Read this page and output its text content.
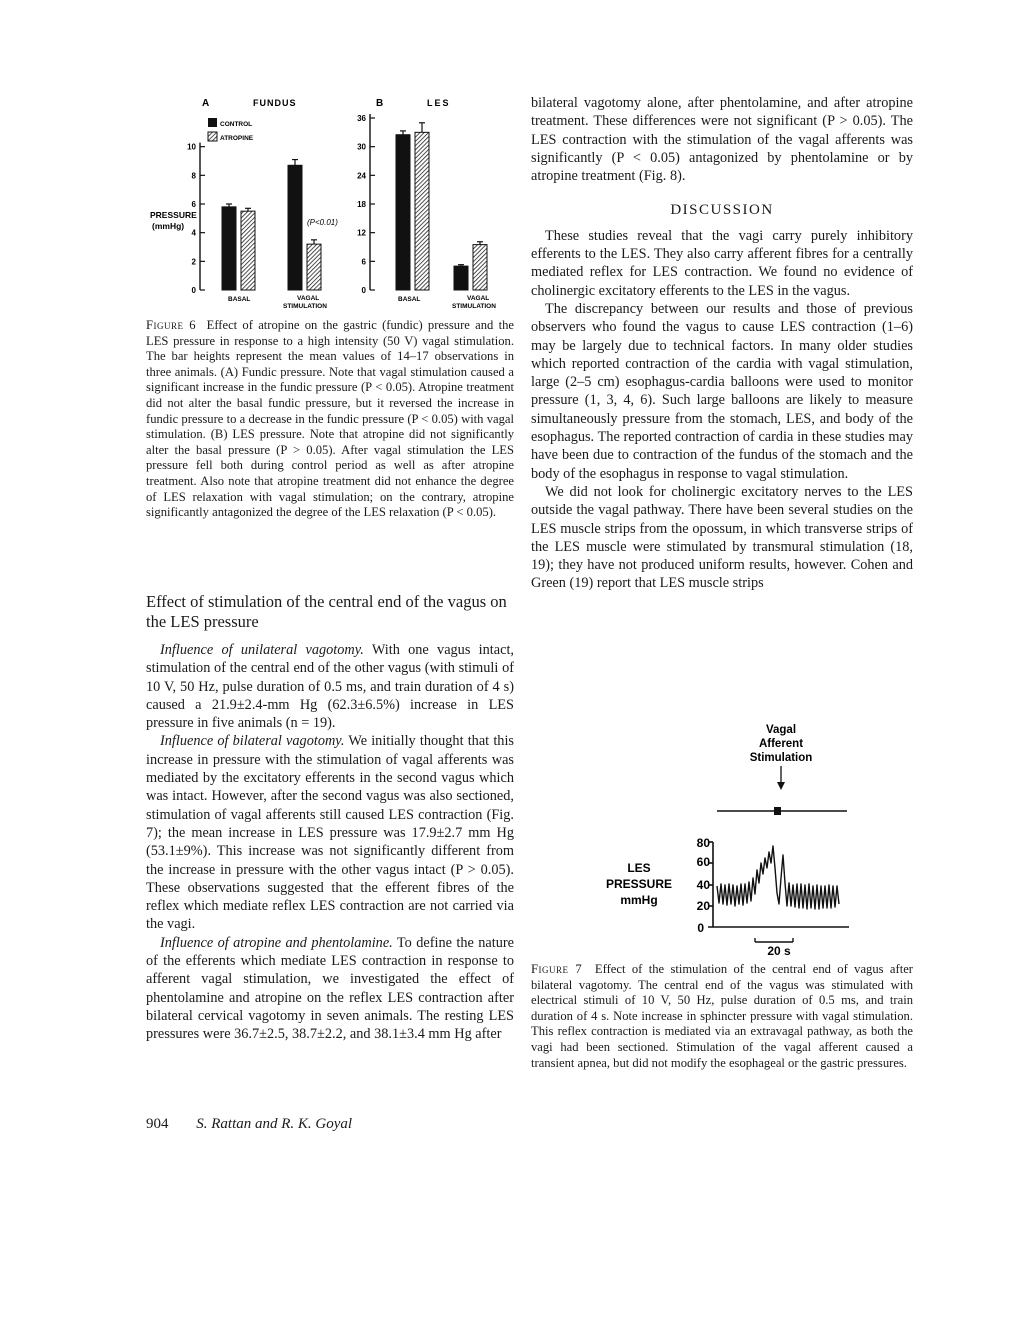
A	FUNDUS	B	LES
CONTROL
ATROPINE
PRESSURE
(mmHg)	(P<0.01)
BASAL	VAGAL
STIMULATION
BASAL	VAGAL
STIMULATION
0
2
4
6
8
10
0
6
12
18
24
30
36
Figure 6 Effect of atropine on the gastric (fundic) pressure and the LES pressure in response to a high intensity (50 V) vagal stimulation. The bar heights represent the mean values of 14–17 observations in three animals. (A) Fundic pressure. Note that vagal stimulation caused a significant increase in the fundic pressure (P < 0.05). Atropine treatment did not alter the basal fundic pressure, but it reversed the increase in fundic pressure to a decrease in the fundic pressure (P < 0.05) with vagal stimulation. (B) LES pressure. Note that atropine did not significantly alter the basal pressure (P > 0.05). After vagal stimulation the LES pressure fell both during control period as well as after atropine treatment. Also note that atropine treatment did not enhance the degree of LES relaxation with vagal stimulation; on the contrary, atropine significantly antagonized the degree of the LES relaxation (P < 0.05).
Effect of stimulation of the central end of the vagus on the LES pressure

Influence of unilateral vagotomy. With one vagus intact, stimulation of the central end of the other vagus (with stimuli of 10 V, 50 Hz, pulse duration of 0.5 ms, and train duration of 4 s) caused a 21.9±2.4-mm Hg (62.3±6.5%) increase in LES pressure in five animals (n = 19).

Influence of bilateral vagotomy. We initially thought that this increase in pressure with the stimulation of vagal afferents was mediated by the excitatory efferents in the second vagus which was intact. However, after the second vagus was also sectioned, stimulation of vagal afferents still caused LES contraction (Fig. 7); the mean increase in LES pressure was 17.9±2.7 mm Hg (53.1±9%). This increase was not significantly different from the increase in pressure with the other vagus intact (P > 0.05). These observations suggested that the efferent fibres of the reflex which mediate reflex LES contraction are not carried via the vagi.

Influence of atropine and phentolamine. To define the nature of the efferents which mediate LES contraction in response to afferent vagal stimulation, we investigated the effect of phentolamine and atropine on the reflex LES contraction after bilateral cervical vagotomy in seven animals. The resting LES pressures were 36.7±2.5, 38.7±2.2, and 38.1±3.4 mm Hg after

bilateral vagotomy alone, after phentolamine, and after atropine treatment. These differences were not significant (P > 0.05). The LES contraction with the stimulation of the vagal afferents was significantly (P < 0.05) antagonized by phentolamine or by atropine treatment (Fig. 8).

DISCUSSION

These studies reveal that the vagi carry purely inhibitory efferents to the LES. They also carry afferent fibres for a centrally mediated reflex for LES contraction. We found no evidence of cholinergic excitatory efferents to the LES in the vagus.

The discrepancy between our results and those of previous observers who found the vagus to cause LES contraction (1–6) may be largely due to technical factors. In many older studies which reported contraction of the cardia with vagal stimulation, large (2–5 cm) esophagus-cardia balloons were used to monitor pressure (1, 3, 4, 6). Such large balloons are likely to measure simultaneously pressure from the stomach, LES, and body of the esophagus. The reported contraction of cardia in these studies may have been due to contraction of the fundus of the stomach and the body of the esophagus in response to vagal stimulation.

We did not look for cholinergic excitatory nerves to the LES outside the vagal pathway. There have been several studies on the LES muscle strips from the opossum, in which transverse strips of the LES muscle were stimulated by transmural stimulation (18, 19); they have not produced uniform results, however. Cohen and Green (19) report that LES muscle strips

Vagal
Afferent
Stimulation
LES
PRESSURE
mmHg
80
60
40
20
0
20 s
Figure 7 Effect of the stimulation of the central end of vagus after bilateral vagotomy. The central end of the vagus was stimulated with electrical stimuli of 10 V, 50 Hz, pulse duration of 0.5 ms, and train duration of 4 s. Note increase in sphincter pressure with vagal stimulation. This reflex contraction is mediated via an extravagal pathway, as both the vagi had been sectioned. Stimulation of the vagal afferent caused a transient apnea, but did not modify the esophageal or the gastric pressures.
904 S. Rattan and R. K. Goyal
